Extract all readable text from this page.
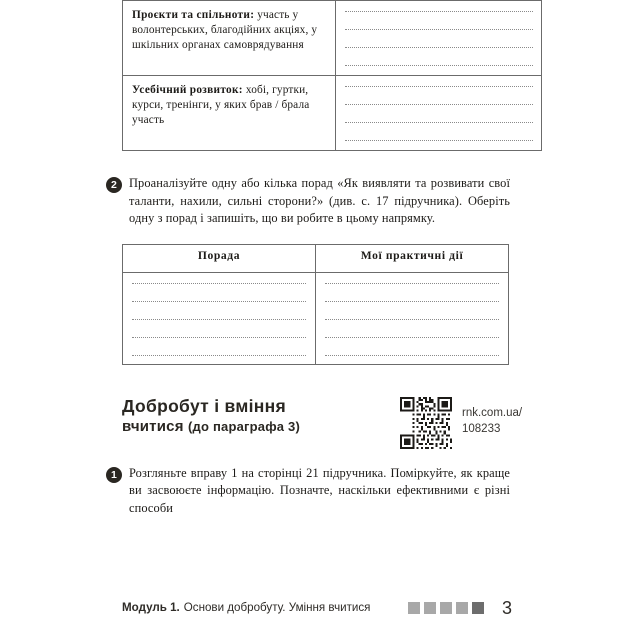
Проєкти та спільноти: участь у волонтерських, благодійних акціях, у шкільних органах самоврядування	

Усебічний розвиток: хобі, гуртки, курси, тренінги, у яких брав / брала участь	
2 Проаналізуйте одну або кілька порад «Як виявляти та розвивати свої таланти, нахили, сильні сторони?» (див. с. 17 підручника). Оберіть одну з порад і запишіть, що ви робите в цьому напрямку.

Порада	Мої практичні дії

Добробут і вміння
вчитися (до параграфа 3)
rnk.com.ua/
108233
1 Розгляньте вправу 1 на сторінці 21 підручника. Поміркуйте, як краще ви засвоюєте інформацію. Позначте, наскільки ефективними є різні способи

Модуль 1. Основи добробуту. Уміння вчитися	3
